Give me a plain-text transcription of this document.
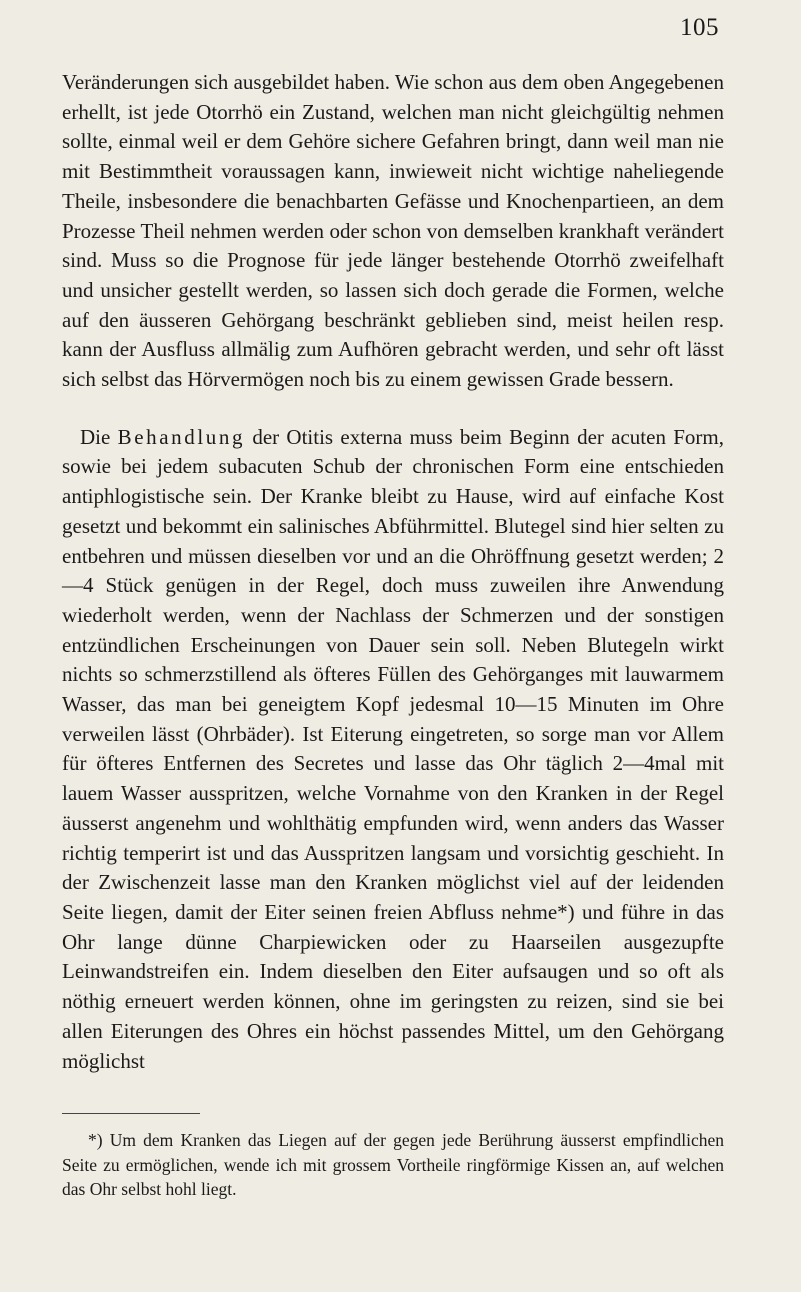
105

Veränderungen sich ausgebildet haben. Wie schon aus dem oben Angegebenen erhellt, ist jede Otorrhö ein Zustand, welchen man nicht gleichgültig nehmen sollte, einmal weil er dem Gehöre sichere Gefahren bringt, dann weil man nie mit Bestimmtheit voraussagen kann, inwieweit nicht wichtige naheliegende Theile, insbesondere die benachbarten Gefässe und Knochenpartieen, an dem Prozesse Theil nehmen werden oder schon von demselben krankhaft verändert sind. Muss so die Prognose für jede länger bestehende Otorrhö zweifelhaft und unsicher gestellt werden, so lassen sich doch gerade die Formen, welche auf den äusseren Gehörgang beschränkt geblieben sind, meist heilen resp. kann der Ausfluss allmälig zum Aufhören gebracht werden, und sehr oft lässt sich selbst das Hörvermögen noch bis zu einem gewissen Grade bessern.

Die Behandlung der Otitis externa muss beim Beginn der acuten Form, sowie bei jedem subacuten Schub der chronischen Form eine entschieden antiphlogistische sein. Der Kranke bleibt zu Hause, wird auf einfache Kost gesetzt und bekommt ein salinisches Abführmittel. Blutegel sind hier selten zu entbehren und müssen dieselben vor und an die Ohröffnung gesetzt werden; 2—4 Stück genügen in der Regel, doch muss zuweilen ihre Anwendung wiederholt werden, wenn der Nachlass der Schmerzen und der sonstigen entzündlichen Erscheinungen von Dauer sein soll. Neben Blutegeln wirkt nichts so schmerzstillend als öfteres Füllen des Gehörganges mit lauwarmem Wasser, das man bei geneigtem Kopf jedesmal 10—15 Minuten im Ohre verweilen lässt (Ohrbäder). Ist Eiterung eingetreten, so sorge man vor Allem für öfteres Entfernen des Secretes und lasse das Ohr täglich 2—4mal mit lauem Wasser ausspritzen, welche Vornahme von den Kranken in der Regel äusserst angenehm und wohlthätig empfunden wird, wenn anders das Wasser richtig temperirt ist und das Ausspritzen langsam und vorsichtig geschieht. In der Zwischenzeit lasse man den Kranken möglichst viel auf der leidenden Seite liegen, damit der Eiter seinen freien Abfluss nehme*) und führe in das Ohr lange dünne Charpiewicken oder zu Haarseilen ausgezupfte Leinwandstreifen ein. Indem dieselben den Eiter aufsaugen und so oft als nöthig erneuert werden können, ohne im geringsten zu reizen, sind sie bei allen Eiterungen des Ohres ein höchst passendes Mittel, um den Gehörgang möglichst

*) Um dem Kranken das Liegen auf der gegen jede Berührung äusserst empfindlichen Seite zu ermöglichen, wende ich mit grossem Vortheile ringförmige Kissen an, auf welchen das Ohr selbst hohl liegt.
